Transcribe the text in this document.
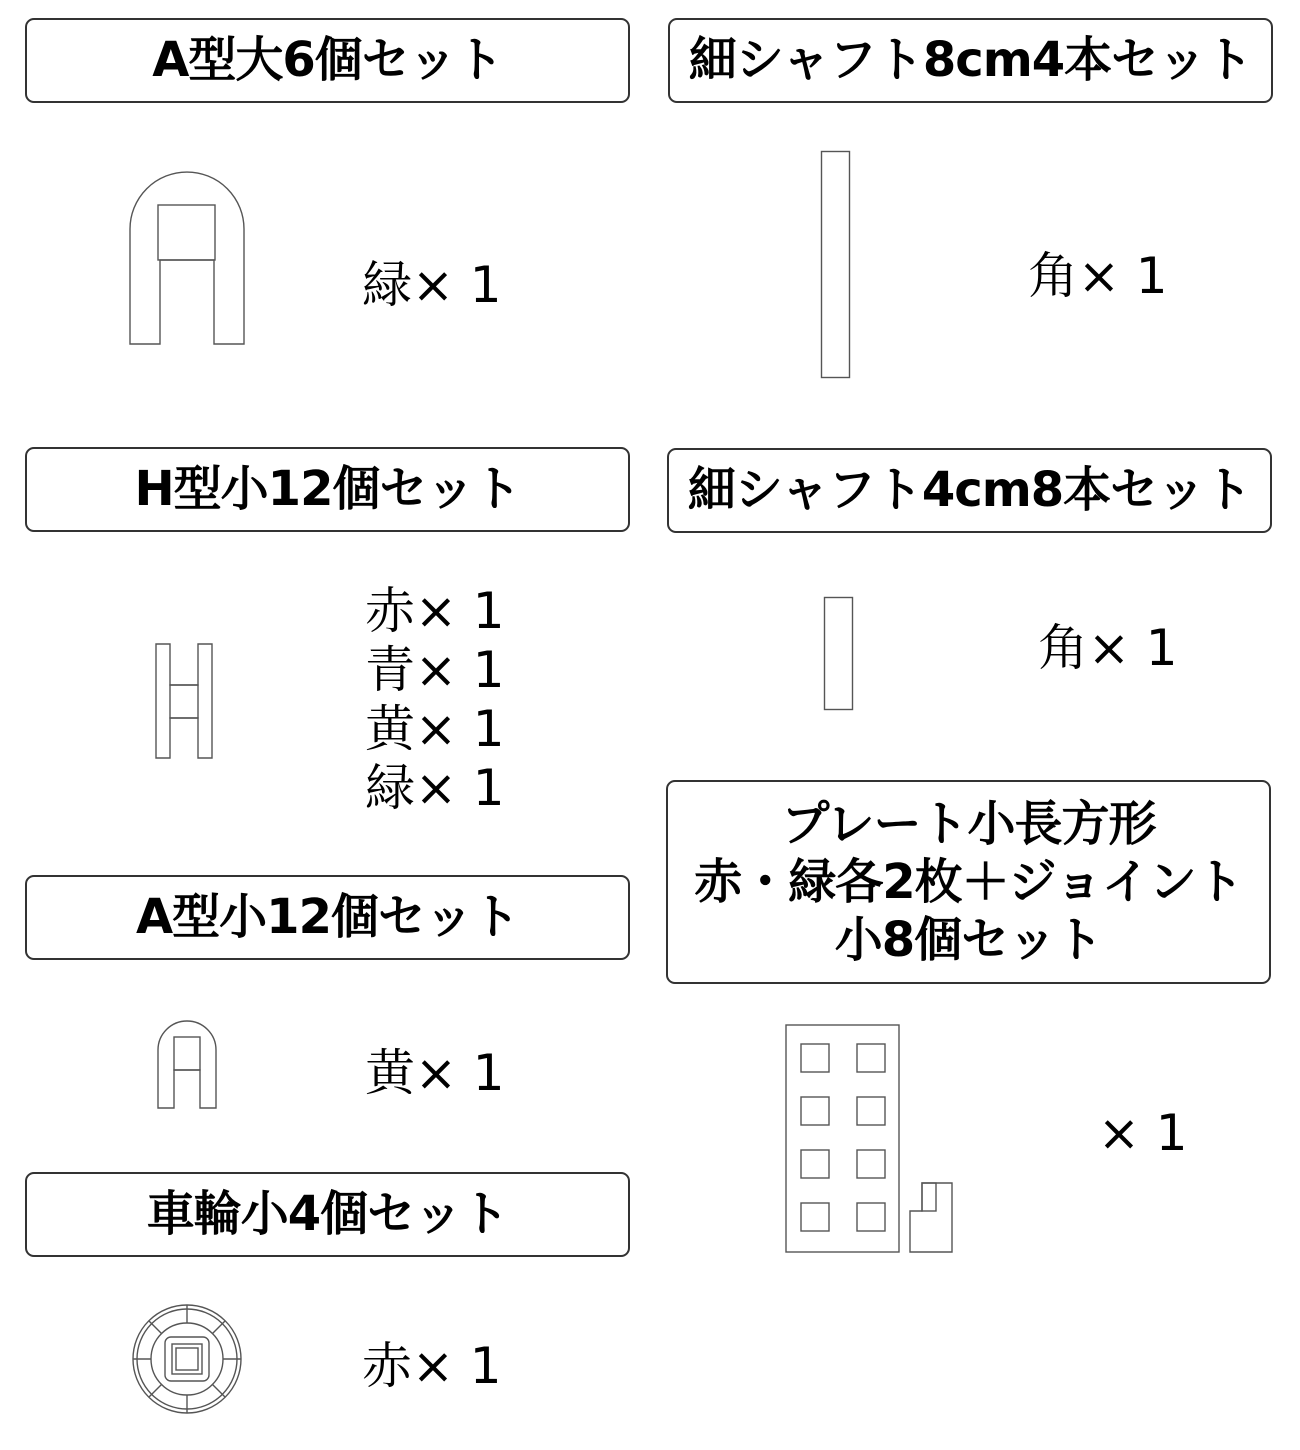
A型大6個セット
緑× 1
H型小12個セット
赤× 1
青× 1
黄× 1
緑× 1
A型小12個セット
黄× 1
車輪小4個セット
赤× 1
細シャフト8cm4本セット
角× 1
細シャフト4cm8本セット
角× 1
プレート小長方形
赤・緑各2枚＋ジョイント
小8個セット
× 1
